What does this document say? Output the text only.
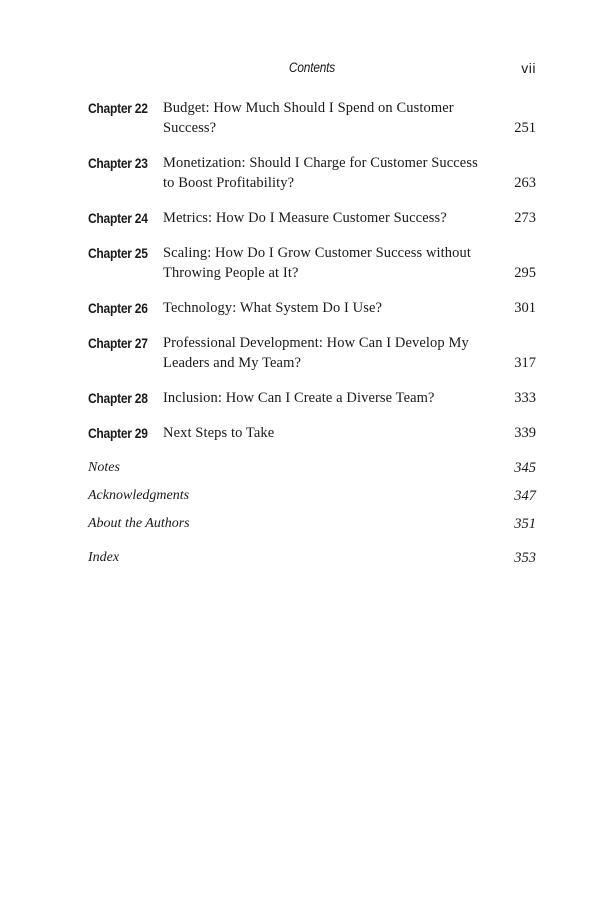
Contents	vii
Chapter 22 Budget: How Much Should I Spend on Customer Success?	251
Chapter 23 Monetization: Should I Charge for Customer Success to Boost Profitability?	263
Chapter 24 Metrics: How Do I Measure Customer Success?	273
Chapter 25 Scaling: How Do I Grow Customer Success without Throwing People at It?	295
Chapter 26 Technology: What System Do I Use?	301
Chapter 27 Professional Development: How Can I Develop My Leaders and My Team?	317
Chapter 28 Inclusion: How Can I Create a Diverse Team?	333
Chapter 29 Next Steps to Take	339
Notes	345
Acknowledgments	347
About the Authors	351
Index	353
